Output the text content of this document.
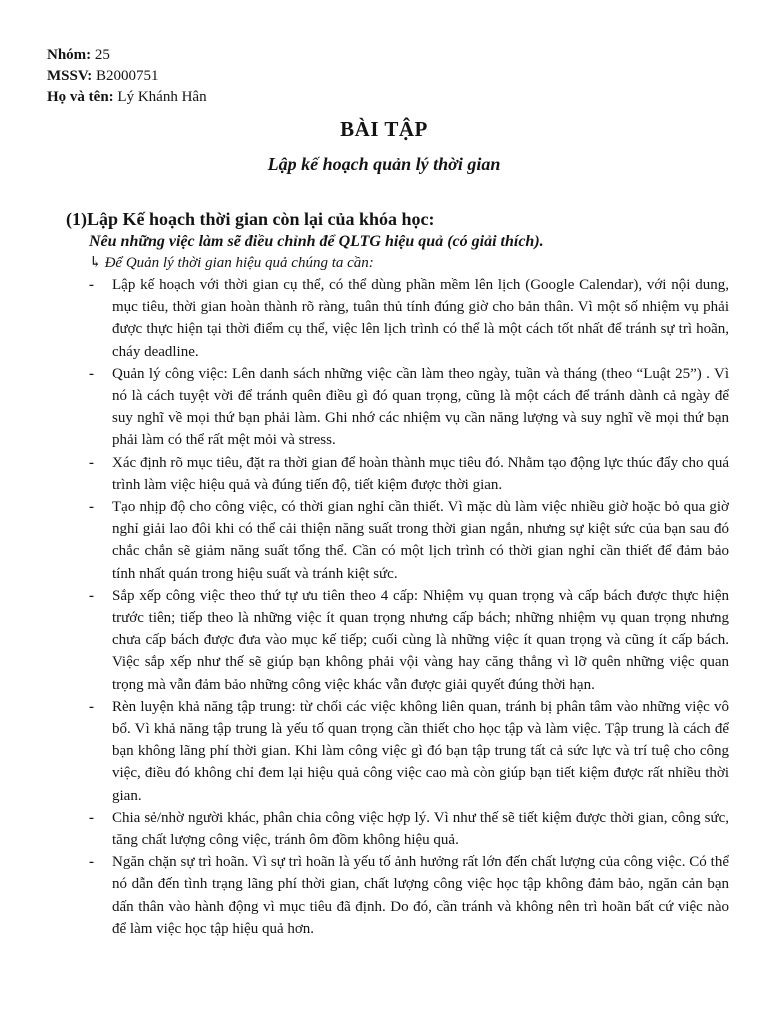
Nhóm: 25
MSSV: B2000751
Họ và tên: Lý Khánh Hân
BÀI TẬP
Lập kế hoạch quản lý thời gian
(1)Lập Kế hoạch thời gian còn lại của khóa học:
Nêu những việc làm sẽ điều chỉnh để QLTG hiệu quả (có giải thích).
↳ Để Quản lý thời gian hiệu quả chúng ta cần:
- Lập kế hoạch với thời gian cụ thể, có thể dùng phần mềm lên lịch (Google Calendar), với nội dung, mục tiêu, thời gian hoàn thành rõ ràng, tuân thủ tính đúng giờ cho bản thân. Vì một số nhiệm vụ phải được thực hiện tại thời điểm cụ thể, việc lên lịch trình có thể là một cách tốt nhất để tránh sự trì hoãn, cháy deadline.
- Quản lý công việc: Lên danh sách những việc cần làm theo ngày, tuần và tháng (theo “Luật 25”) . Vì nó là cách tuyệt vời để tránh quên điều gì đó quan trọng, cũng là một cách để tránh dành cả ngày để suy nghĩ về mọi thứ bạn phải làm. Ghi nhớ các nhiệm vụ cần năng lượng và suy nghĩ về mọi thứ bạn phải làm có thể rất mệt mỏi và stress.
- Xác định rõ mục tiêu, đặt ra thời gian để hoàn thành mục tiêu đó. Nhằm tạo động lực thúc đẩy cho quá trình làm việc hiệu quả và đúng tiến độ, tiết kiệm được thời gian.
- Tạo nhịp độ cho công việc, có thời gian nghỉ cần thiết. Vì mặc dù làm việc nhiều giờ hoặc bỏ qua giờ nghỉ giải lao đôi khi có thể cải thiện năng suất trong thời gian ngắn, nhưng sự kiệt sức của bạn sau đó chắc chắn sẽ giảm năng suất tổng thể. Cần có một lịch trình có thời gian nghỉ cần thiết để đảm bảo tính nhất quán trong hiệu suất và tránh kiệt sức.
- Sắp xếp công việc theo thứ tự ưu tiên theo 4 cấp: Nhiệm vụ quan trọng và cấp bách được thực hiện trước tiên; tiếp theo là những việc ít quan trọng nhưng cấp bách; những nhiệm vụ quan trọng nhưng chưa cấp bách được đưa vào mục kế tiếp; cuối cùng là những việc ít quan trọng và cũng ít cấp bách. Việc sắp xếp như thế sẽ giúp bạn không phải vội vàng hay căng thẳng vì lỡ quên những việc quan trọng mà vẫn đảm bảo những công việc khác vẫn được giải quyết đúng thời hạn.
- Rèn luyện khả năng tập trung: từ chối các việc không liên quan, tránh bị phân tâm vào những việc vô bổ. Vì khả năng tập trung là yếu tố quan trọng cần thiết cho học tập và làm việc. Tập trung là cách để bạn không lãng phí thời gian. Khi làm công việc gì đó bạn tập trung tất cả sức lực và trí tuệ cho công việc, điều đó không chỉ đem lại hiệu quả công việc cao mà còn giúp bạn tiết kiệm được rất nhiều thời gian.
- Chia sẻ/nhờ người khác, phân chia công việc hợp lý. Vì như thế sẽ tiết kiệm được thời gian, công sức, tăng chất lượng công việc, tránh ôm đồm không hiệu quả.
- Ngăn chặn sự trì hoãn. Vì sự trì hoãn là yếu tố ảnh hưởng rất lớn đến chất lượng của công việc. Có thể nó dẫn đến tình trạng lãng phí thời gian, chất lượng công việc học tập không đảm bảo, ngăn cản bạn dấn thân vào hành động vì mục tiêu đã định. Do đó, cần tránh và không nên trì hoãn bất cứ việc nào để làm việc học tập hiệu quả hơn.
